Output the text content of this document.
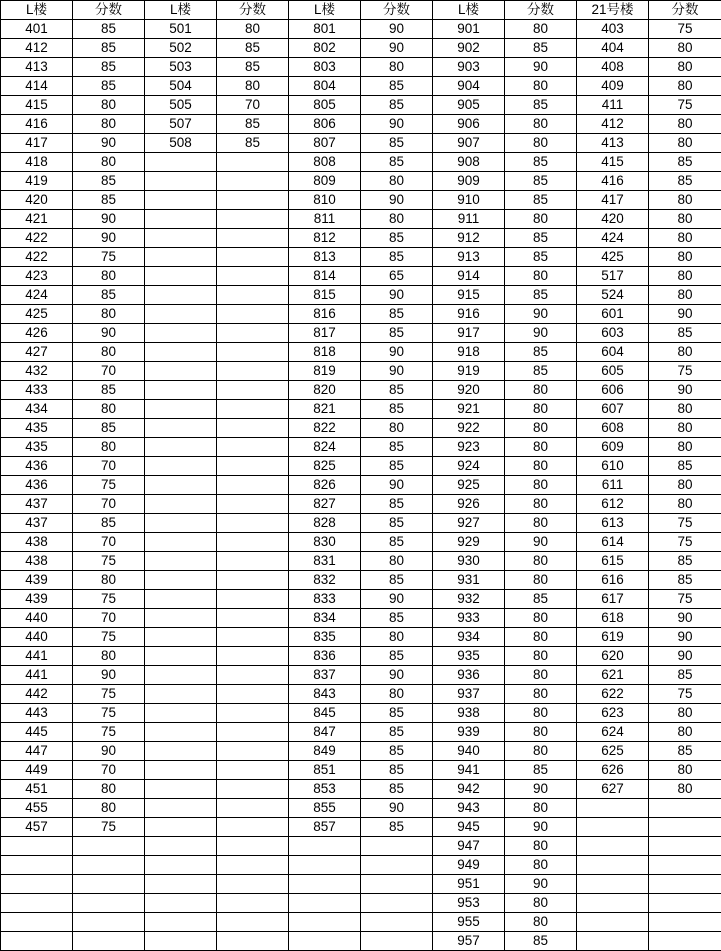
L楼	分数	L楼	分数	L楼	分数	L楼	分数	21号楼	分数
401	85	501	80	801	90	901	80	403	75
412	85	502	85	802	90	902	85	404	80
413	85	503	85	803	80	903	90	408	80
414	85	504	80	804	85	904	80	409	80
415	80	505	70	805	85	905	85	411	75
416	80	507	85	806	90	906	80	412	80
417	90	508	85	807	85	907	80	413	80
418	80			808	85	908	85	415	85
419	85			809	80	909	85	416	85
420	85			810	90	910	85	417	80
421	90			811	80	911	80	420	80
422	90			812	85	912	85	424	80
422	75			813	85	913	85	425	80
423	80			814	65	914	80	517	80
424	85			815	90	915	85	524	80
425	80			816	85	916	90	601	90
426	90			817	85	917	90	603	85
427	80			818	90	918	85	604	80
432	70			819	90	919	85	605	75
433	85			820	85	920	80	606	90
434	80			821	85	921	80	607	80
435	85			822	80	922	80	608	80
435	80			824	85	923	80	609	80
436	70			825	85	924	80	610	85
436	75			826	90	925	80	611	80
437	70			827	85	926	80	612	80
437	85			828	85	927	80	613	75
438	70			830	85	929	90	614	75
438	75			831	80	930	80	615	85
439	80			832	85	931	80	616	85
439	75			833	90	932	85	617	75
440	70			834	85	933	80	618	90
440	75			835	80	934	80	619	90
441	80			836	85	935	80	620	90
441	90			837	90	936	80	621	85
442	75			843	80	937	80	622	75
443	75			845	85	938	80	623	80
445	75			847	85	939	80	624	80
447	90			849	85	940	80	625	85
449	70			851	85	941	85	626	80
451	80			853	85	942	90	627	80
455	80			855	90	943	80		
457	75			857	85	945	90		
						947	80		
						949	80		
						951	90		
						953	80		
						955	80		
						957	85		
